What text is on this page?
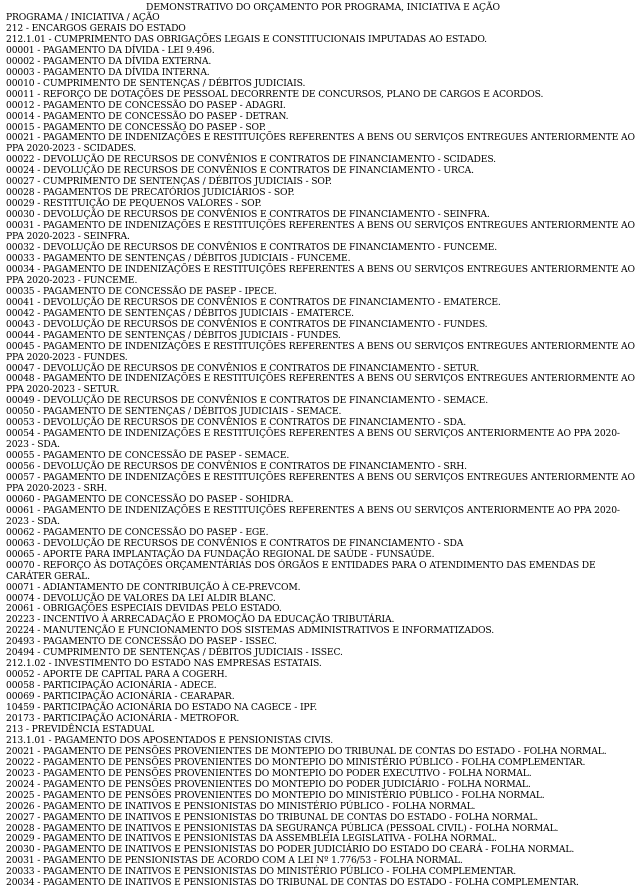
DEMONSTRATIVO DO ORÇAMENTO POR PROGRAMA, INICIATIVA E AÇÃO
PROGRAMA / INICIATIVA / AÇÃO
212 - ENCARGOS GERAIS DO ESTADO
212.1.01 - CUMPRIMENTO DAS OBRIGAÇÕES LEGAIS E CONSTITUCIONAIS IMPUTADAS AO ESTADO.
00001 - PAGAMENTO DA DÍVIDA - LEI 9.496.
00002 - PAGAMENTO DA DÍVIDA EXTERNA.
00003 - PAGAMENTO DA DÍVIDA INTERNA.
00010 - CUMPRIMENTO DE SENTENÇAS / DÉBITOS JUDICIAIS.
00011 - REFORÇO DE DOTAÇÕES DE PESSOAL DECORRENTE DE CONCURSOS, PLANO DE CARGOS E ACORDOS.
00012 - PAGAMENTO DE CONCESSÃO DO PASEP - ADAGRI.
00014 - PAGAMENTO DE CONCESSÃO DO PASEP - DETRAN.
00015 - PAGAMENTO DE CONCESSÃO DO PASEP - SOP.
00021 - PAGAMENTO DE INDENIZAÇÕES E RESTITUIÇÕES REFERENTES A BENS OU SERVIÇOS ENTREGUES ANTERIORMENTE AO PPA 2020-2023 - SCIDADES.
00022 - DEVOLUÇÃO DE RECURSOS DE CONVÊNIOS E CONTRATOS DE FINANCIAMENTO - SCIDADES.
00024 - DEVOLUÇÃO DE RECURSOS DE CONVÊNIOS E CONTRATOS DE FINANCIAMENTO - URCA.
00027 - CUMPRIMENTO DE SENTENÇAS / DÉBITOS JUDICIAIS - SOP.
00028 - PAGAMENTOS DE PRECATÓRIOS JUDICIÁRIOS - SOP.
00029 - RESTITUIÇÃO DE PEQUENOS VALORES - SOP.
00030 - DEVOLUÇÃO DE RECURSOS DE CONVÊNIOS E CONTRATOS DE FINANCIAMENTO - SEINFRA.
00031 - PAGAMENTO DE INDENIZAÇÕES E RESTITUIÇÕES REFERENTES A BENS OU SERVIÇOS ENTREGUES ANTERIORMENTE AO PPA 2020-2023 - SEINFRA.
00032 - DEVOLUÇÃO DE RECURSOS DE CONVÊNIOS E CONTRATOS DE FINANCIAMENTO - FUNCEME.
00033 - PAGAMENTO DE SENTENÇAS / DÉBITOS JUDICIAIS - FUNCEME.
00034 - PAGAMENTO DE INDENIZAÇÕES E RESTITUIÇÕES REFERENTES A BENS OU SERVIÇOS ENTREGUES ANTERIORMENTE AO PPA 2020-2023 - FUNCEME.
00035 - PAGAMENTO DE CONCESSÃO DE PASEP - IPECE.
00041 - DEVOLUÇÃO DE RECURSOS DE CONVÊNIOS E CONTRATOS DE FINANCIAMENTO - EMATERCE.
00042 - PAGAMENTO DE SENTENÇAS / DÉBITOS JUDICIAIS - EMATERCE.
00043 - DEVOLUÇÃO DE RECURSOS DE CONVÊNIOS E CONTRATOS DE FINANCIAMENTO - FUNDES.
00044 - PAGAMENTO DE SENTENÇAS / DÉBITOS JUDICIAIS - FUNDES.
00045 - PAGAMENTO DE INDENIZAÇÕES E RESTITUIÇÕES REFERENTES A BENS OU SERVIÇOS ENTREGUES ANTERIORMENTE AO PPA 2020-2023 - FUNDES.
00047 - DEVOLUÇÃO DE RECURSOS DE CONVÊNIOS E CONTRATOS DE FINANCIAMENTO - SETUR.
00048 - PAGAMENTO DE INDENIZAÇÕES E RESTITUIÇÕES REFERENTES A BENS OU SERVIÇOS ENTREGUES ANTERIORMENTE AO PPA 2020-2023 - SETUR.
00049 - DEVOLUÇÃO DE RECURSOS DE CONVÊNIOS E CONTRATOS DE FINANCIAMENTO - SEMACE.
00050 - PAGAMENTO DE SENTENÇAS / DÉBITOS JUDICIAIS - SEMACE.
00053 - DEVOLUÇÃO DE RECURSOS DE CONVÊNIOS E CONTRATOS DE FINANCIAMENTO - SDA.
00054 - PAGAMENTO DE INDENIZAÇÕES E RESTITUIÇÕES REFERENTES A BENS OU SERVIÇOS ANTERIORMENTE AO PPA 2020-2023 - SDA.
00055 - PAGAMENTO DE CONCESSÃO DE PASEP - SEMACE.
00056 - DEVOLUÇÃO DE RECURSOS DE CONVÊNIOS E CONTRATOS DE FINANCIAMENTO - SRH.
00057 - PAGAMENTO DE INDENIZAÇÕES E RESTITUIÇÕES REFERENTES A BENS OU SERVIÇOS ENTREGUES ANTERIORMENTE AO PPA 2020-2023 - SRH.
00060 - PAGAMENTO DE CONCESSÃO DO PASEP - SOHIDRA.
00061 - PAGAMENTO DE INDENIZAÇÕES E RESTITUIÇÕES REFERENTES A BENS OU SERVIÇOS ANTERIORMENTE AO PPA 2020-2023 - SDA.
00062 - PAGAMENTO DE CONCESSÃO DO PASEP - EGE.
00063 - DEVOLUÇÃO DE RECURSOS DE CONVÊNIOS E CONTRATOS DE FINANCIAMENTO - SDA
00065 - APORTE PARA IMPLANTAÇÃO DA FUNDAÇÃO REGIONAL DE SAÚDE - FUNSAÚDE.
00070 - REFORÇO ÀS DOTAÇÕES ORÇAMENTÁRIAS DOS ÓRGÃOS E ENTIDADES PARA O ATENDIMENTO DAS EMENDAS DE CARÁTER GERAL.
00071 - ADIANTAMENTO DE CONTRIBUIÇÃO À CE-PREVCOM.
00074 - DEVOLUÇÃO DE VALORES DA LEI ALDIR BLANC.
20061 - OBRIGAÇÕES ESPECIAIS DEVIDAS PELO ESTADO.
20223 - INCENTIVO À ARRECADAÇÃO E PROMOÇÃO DA EDUCAÇÃO TRIBUTÁRIA.
20224 - MANUTENÇÃO E FUNCIONAMENTO DOS SISTEMAS ADMINISTRATIVOS E INFORMATIZADOS.
20493 - PAGAMENTO DE CONCESSÃO DO PASEP - ISSEC.
20494 - CUMPRIMENTO DE SENTENÇAS / DÉBITOS JUDICIAIS - ISSEC.
212.1.02 - INVESTIMENTO DO ESTADO NAS EMPRESAS ESTATAIS.
00052 - APORTE DE CAPITAL PARA A COGERH.
00058 - PARTICIPAÇÃO ACIONÁRIA - ADECE.
00069 - PARTICIPAÇÃO ACIONÁRIA - CEARAPAR.
10459 - PARTICIPAÇÃO ACIONÁRIA DO ESTADO NA CAGECE - IPF.
20173 - PARTICIPAÇÃO ACIONÁRIA - METROFOR.
213 - PREVIDÊNCIA ESTADUAL
213.1.01 - PAGAMENTO DOS APOSENTADOS E PENSIONISTAS CIVIS.
20021 - PAGAMENTO DE PENSÕES PROVENIENTES DE MONTEPIO DO TRIBUNAL DE CONTAS DO ESTADO - FOLHA NORMAL.
20022 - PAGAMENTO DE PENSÕES PROVENIENTES DO MONTEPIO DO MINISTÉRIO PÚBLICO - FOLHA COMPLEMENTAR.
20023 - PAGAMENTO DE PENSÕES PROVENIENTES DO MONTEPIO DO PODER EXECUTIVO - FOLHA NORMAL.
20024 - PAGAMENTO DE PENSÕES PROVENIENTES DO MONTEPIO DO PODER JUDICIÁRIO - FOLHA NORMAL.
20025 - PAGAMENTO DE PENSÕES PROVENIENTES DO MONTEPIO DO MINISTÉRIO PÚBLICO - FOLHA NORMAL.
20026 - PAGAMENTO DE INATIVOS E PENSIONISTAS DO MINISTÉRIO PÚBLICO - FOLHA NORMAL.
20027 - PAGAMENTO DE INATIVOS E PENSIONISTAS DO TRIBUNAL DE CONTAS DO ESTADO - FOLHA NORMAL.
20028 - PAGAMENTO DE INATIVOS E PENSIONISTAS DA SEGURANÇA PÚBLICA (PESSOAL CIVIL) - FOLHA NORMAL.
20029 - PAGAMENTO DE INATIVOS E PENSIONISTAS DA ASSEMBLEIA LEGISLATIVA - FOLHA NORMAL.
20030 - PAGAMENTO DE INATIVOS E PENSIONISTAS DO PODER JUDICIÁRIO DO ESTADO DO CEARÁ - FOLHA NORMAL.
20031 - PAGAMENTO DE PENSIONISTAS DE ACORDO COM A LEI Nº 1.776/53 - FOLHA NORMAL.
20033 - PAGAMENTO DE INATIVOS E PENSIONISTAS DO MINISTÉRIO PÚBLICO - FOLHA COMPLEMENTAR.
20034 - PAGAMENTO DE INATIVOS E PENSIONISTAS DO TRIBUNAL DE CONTAS DO ESTADO - FOLHA COMPLEMENTAR.
